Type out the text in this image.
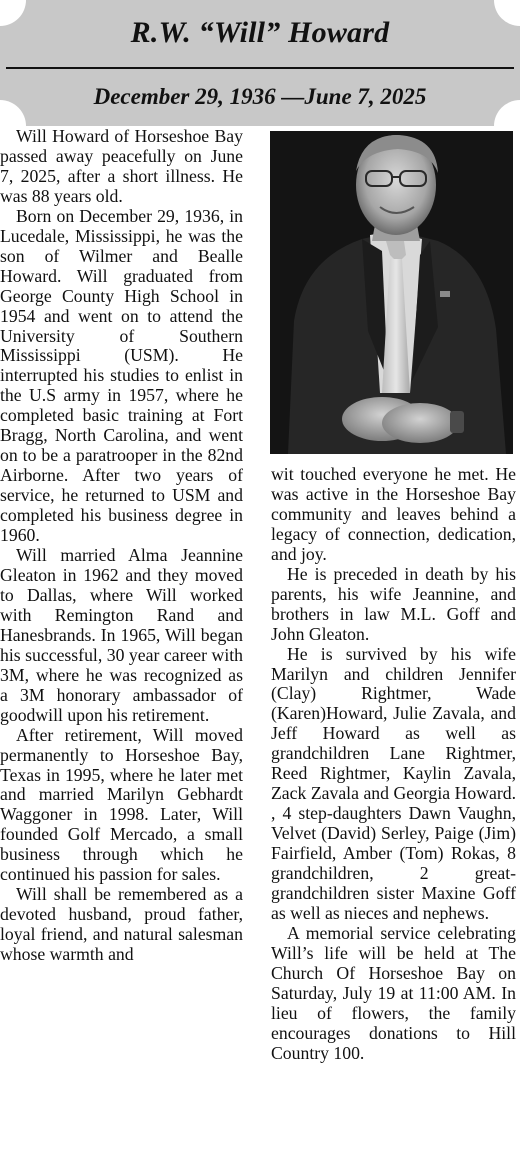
R.W. “Will” Howard
December 29, 1936 —June 7, 2025

Will Howard of Horseshoe Bay passed away peacefully on June 7, 2025, after a short illness. He was 88 years old.

Born on December 29, 1936, in Lucedale, Mississippi, he was the son of Wilmer and Bealle Howard. Will graduated from George County High School in 1954 and went on to attend the University of Southern Mississippi (USM). He interrupted his studies to enlist in the U.S army in 1957, where he completed basic training at Fort Bragg, North Carolina, and went on to be a paratrooper in the 82nd Airborne. After two years of service, he returned to USM and completed his business degree in 1960.

Will married Alma Jeannine Gleaton in 1962 and they moved to Dallas, where Will worked with Remington Rand and Hanesbrands. In 1965, Will began his successful, 30 year career with 3M, where he was recognized as a 3M honorary ambassador of goodwill upon his retirement.

After retirement, Will moved permanently to Horseshoe Bay, Texas in 1995, where he later met and married Marilyn Gebhardt Waggoner in 1998. Later, Will founded Golf Mercado, a small business through which he continued his passion for sales.

Will shall be remembered as a devoted husband, proud father, loyal friend, and natural salesman whose warmth and

wit touched everyone he met. He was active in the Horseshoe Bay community and leaves behind a legacy of connection, dedication, and joy.

He is preceded in death by his parents, his wife Jeannine, and brothers in law M.L. Goff and John Gleaton.

He is survived by his wife Marilyn and children Jennifer (Clay) Rightmer, Wade (Karen)Howard, Julie Zavala, and Jeff Howard as well as grandchildren Lane Rightmer, Reed Rightmer, Kaylin Zavala, Zack Zavala and Georgia Howard. , 4 step-daughters Dawn Vaughn, Velvet (David) Serley, Paige (Jim) Fairfield, Amber (Tom) Rokas, 8 grandchildren, 2 great-grandchildren sister Maxine Goff as well as nieces and nephews.

A memorial service celebrating Will’s life will be held at The Church Of Horseshoe Bay on Saturday, July 19 at 11:00 AM. In lieu of flowers, the family encourages donations to Hill Country 100.
